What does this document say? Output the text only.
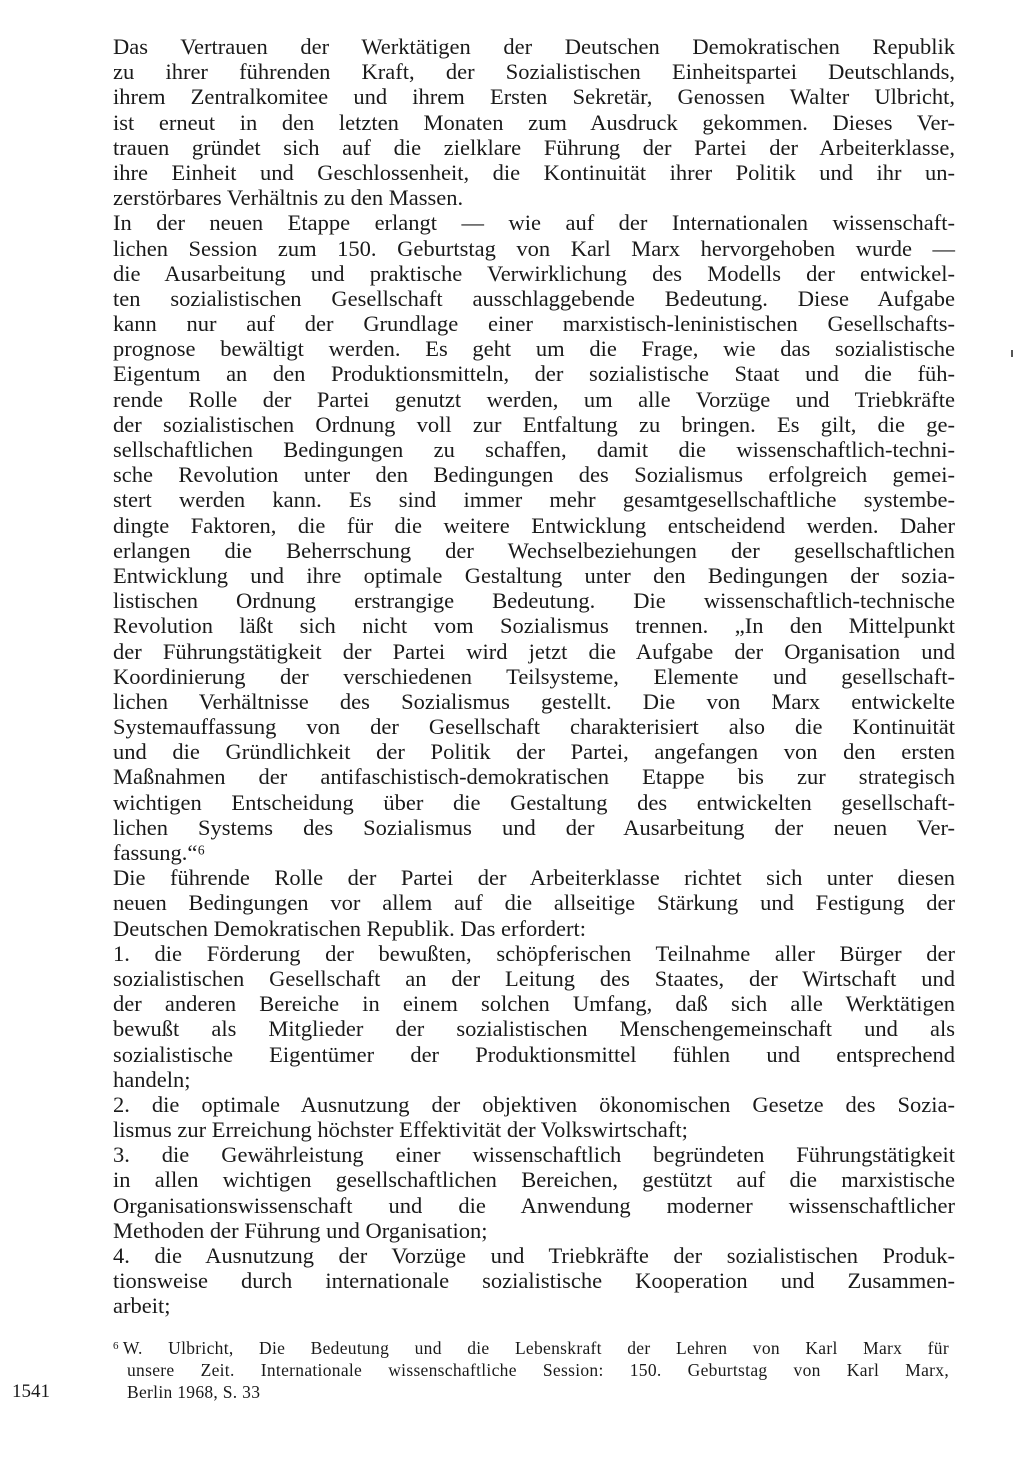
Das Vertrauen der Werktätigen der Deutschen Demokratischen Republik
zu ihrer führenden Kraft, der Sozialistischen Einheitspartei Deutschlands,
ihrem Zentralkomitee und ihrem Ersten Sekretär, Genossen Walter Ulbricht,
ist erneut in den letzten Monaten zum Ausdruck gekommen. Dieses Ver-
trauen gründet sich auf die zielklare Führung der Partei der Arbeiterklasse,
ihre Einheit und Geschlossenheit, die Kontinuität ihrer Politik und ihr un-
zerstörbares Verhältnis zu den Massen.
In der neuen Etappe erlangt — wie auf der Internationalen wissenschaft-
lichen Session zum 150. Geburtstag von Karl Marx hervorgehoben wurde —
die Ausarbeitung und praktische Verwirklichung des Modells der entwickel-
ten sozialistischen Gesellschaft ausschlaggebende Bedeutung. Diese Aufgabe
kann nur auf der Grundlage einer marxistisch-leninistischen Gesellschafts-
prognose bewältigt werden. Es geht um die Frage, wie das sozialistische
Eigentum an den Produktionsmitteln, der sozialistische Staat und die füh-
rende Rolle der Partei genutzt werden, um alle Vorzüge und Triebkräfte
der sozialistischen Ordnung voll zur Entfaltung zu bringen. Es gilt, die ge-
sellschaftlichen Bedingungen zu schaffen, damit die wissenschaftlich-techni-
sche Revolution unter den Bedingungen des Sozialismus erfolgreich gemei-
stert werden kann. Es sind immer mehr gesamtgesellschaftliche systembe-
dingte Faktoren, die für die weitere Entwicklung entscheidend werden. Daher
erlangen die Beherrschung der Wechselbeziehungen der gesellschaftlichen
Entwicklung und ihre optimale Gestaltung unter den Bedingungen der sozia-
listischen Ordnung erstrangige Bedeutung. Die wissenschaftlich-technische
Revolution läßt sich nicht vom Sozialismus trennen. „In den Mittelpunkt
der Führungstätigkeit der Partei wird jetzt die Aufgabe der Organisation und
Koordinierung der verschiedenen Teilsysteme, Elemente und gesellschaft-
lichen Verhältnisse des Sozialismus gestellt. Die von Marx entwickelte
Systemauffassung von der Gesellschaft charakterisiert also die Kontinuität
und die Gründlichkeit der Politik der Partei, angefangen von den ersten
Maßnahmen der antifaschistisch-demokratischen Etappe bis zur strategisch
wichtigen Entscheidung über die Gestaltung des entwickelten gesellschaft-
lichen Systems des Sozialismus und der Ausarbeitung der neuen Ver-
fassung.“⁶
Die führende Rolle der Partei der Arbeiterklasse richtet sich unter diesen
neuen Bedingungen vor allem auf die allseitige Stärkung und Festigung der
Deutschen Demokratischen Republik. Das erfordert:
1. die Förderung der bewußten, schöpferischen Teilnahme aller Bürger der
sozialistischen Gesellschaft an der Leitung des Staates, der Wirtschaft und
der anderen Bereiche in einem solchen Umfang, daß sich alle Werktätigen
bewußt als Mitglieder der sozialistischen Menschengemeinschaft und als
sozialistische Eigentümer der Produktionsmittel fühlen und entsprechend
handeln;
2. die optimale Ausnutzung der objektiven ökonomischen Gesetze des Sozia-
lismus zur Erreichung höchster Effektivität der Volkswirtschaft;
3. die Gewährleistung einer wissenschaftlich begründeten Führungstätigkeit
in allen wichtigen gesellschaftlichen Bereichen, gestützt auf die marxistische
Organisationswissenschaft und die Anwendung moderner wissenschaftlicher
Methoden der Führung und Organisation;
4. die Ausnutzung der Vorzüge und Triebkräfte der sozialistischen Produk-
tionsweise durch internationale sozialistische Kooperation und Zusammen-
arbeit;
$^6$ W. Ulbricht, Die Bedeutung und die Lebenskraft der Lehren von Karl Marx für
unsere Zeit. Internationale wissenschaftliche Session: 150. Geburtstag von Karl Marx,
Berlin 1968, S. 33
1541
